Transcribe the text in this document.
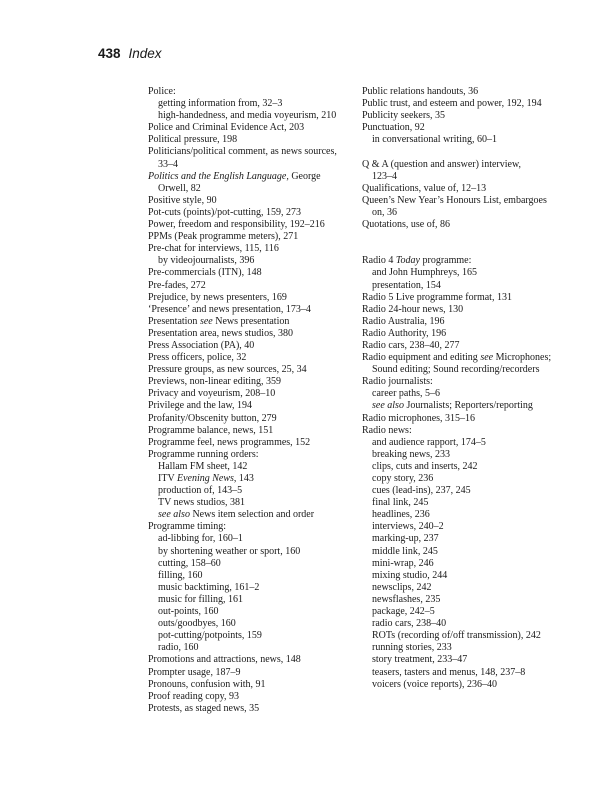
438 Index
Police:
getting information from, 32–3
high-handedness, and media voyeurism, 210
Police and Criminal Evidence Act, 203
Political pressure, 198
Politicians/political comment, as news sources,
33–4
Politics and the English Language, George
Orwell, 82
Positive style, 90
Pot-cuts (points)/pot-cutting, 159, 273
Power, freedom and responsibility, 192–216
PPMs (Peak programme meters), 271
Pre-chat for interviews, 115, 116
by videojournalists, 396
Pre-commercials (ITN), 148
Pre-fades, 272
Prejudice, by news presenters, 169
‘Presence’ and news presentation, 173–4
Presentation see News presentation
Presentation area, news studios, 380
Press Association (PA), 40
Press officers, police, 32
Pressure groups, as new sources, 25, 34
Previews, non-linear editing, 359
Privacy and voyeurism, 208–10
Privilege and the law, 194
Profanity/Obscenity button, 279
Programme balance, news, 151
Programme feel, news programmes, 152
Programme running orders:
Hallam FM sheet, 142
ITV Evening News, 143
production of, 143–5
TV news studios, 381
see also News item selection and order
Programme timing:
ad-libbing for, 160–1
by shortening weather or sport, 160
cutting, 158–60
filling, 160
music backtiming, 161–2
music for filling, 161
out-points, 160
outs/goodbyes, 160
pot-cutting/potpoints, 159
radio, 160
Promotions and attractions, news, 148
Prompter usage, 187–9
Pronouns, confusion with, 91
Proof reading copy, 93
Protests, as staged news, 35
Public relations handouts, 36
Public trust, and esteem and power, 192, 194
Publicity seekers, 35
Punctuation, 92
in conversational writing, 60–1
Q & A (question and answer) interview,
123–4
Qualifications, value of, 12–13
Queen’s New Year’s Honours List, embargoes
on, 36
Quotations, use of, 86
Radio 4 Today programme:
and John Humphreys, 165
presentation, 154
Radio 5 Live programme format, 131
Radio 24-hour news, 130
Radio Australia, 196
Radio Authority, 196
Radio cars, 238–40, 277
Radio equipment and editing see Microphones;
Sound editing; Sound recording/recorders
Radio journalists:
career paths, 5–6
see also Journalists; Reporters/reporting
Radio microphones, 315–16
Radio news:
and audience rapport, 174–5
breaking news, 233
clips, cuts and inserts, 242
copy story, 236
cues (lead-ins), 237, 245
final link, 245
headlines, 236
interviews, 240–2
marking-up, 237
middle link, 245
mini-wrap, 246
mixing studio, 244
newsclips, 242
newsflashes, 235
package, 242–5
radio cars, 238–40
ROTs (recording of/off transmission), 242
running stories, 233
story treatment, 233–47
teasers, tasters and menus, 148, 237–8
voicers (voice reports), 236–40
